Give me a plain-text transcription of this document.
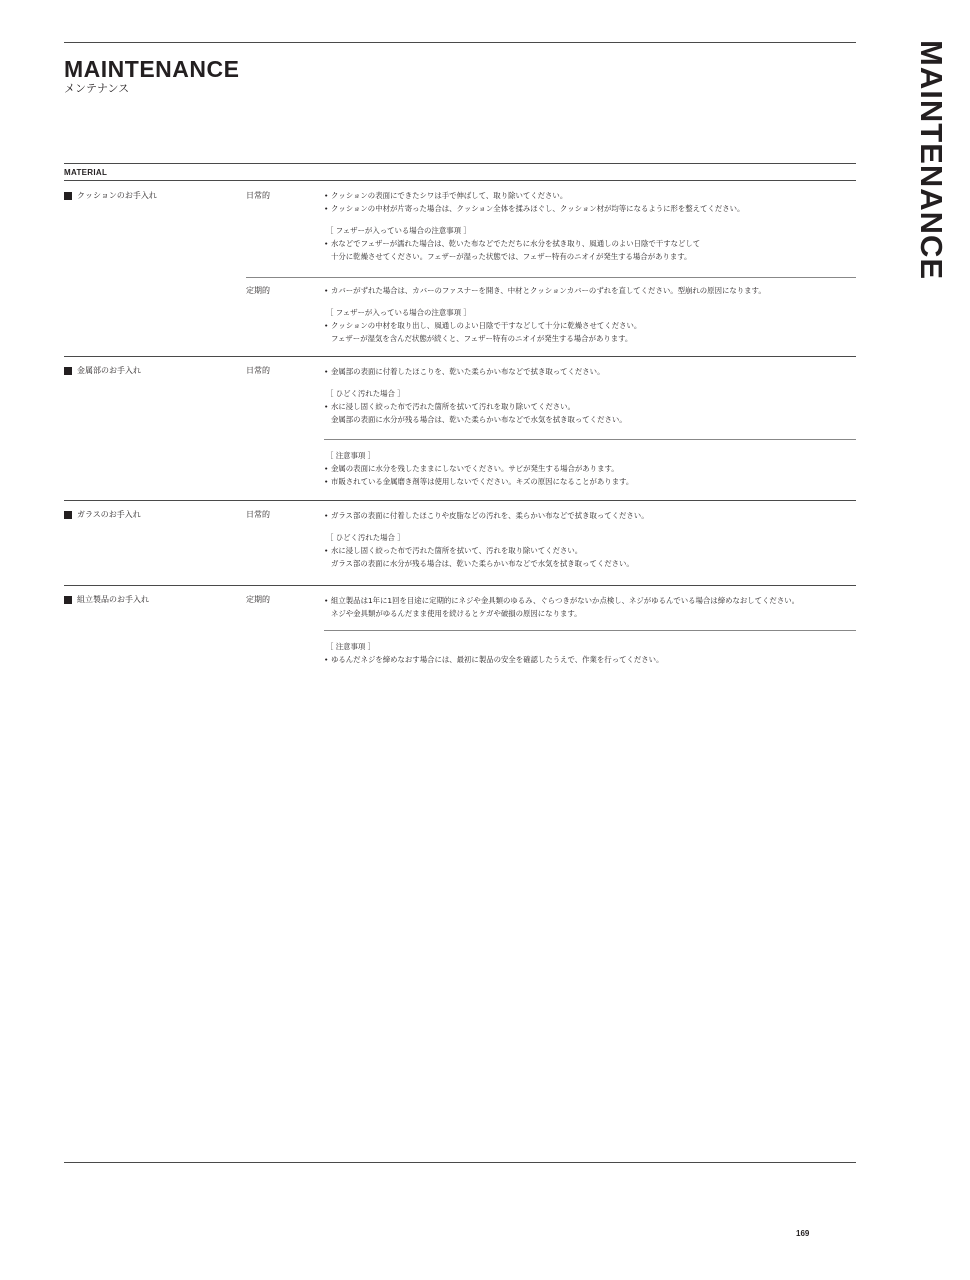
MAINTENANCE
メンテナンス	MAINTENANCE
MATERIAL
クッションのお手入れ	日常的	• クッションの表面にできたシワは手で伸ばして、取り除いてください。
• クッションの中材が片寄った場合は、クッション全体を揉みほぐし、クッション材が均等になるように形を整えてください。
［ フェザーが入っている場合の注意事項 ］
• 水などでフェザーが濡れた場合は、乾いた布などでただちに水分を拭き取り、風通しのよい日陰で干すなどして
十分に乾燥させてください。フェザーが湿った状態では、フェザー特有のニオイが発生する場合があります。
定期的	• カバーがずれた場合は、カバーのファスナーを開き、中材とクッションカバーのずれを直してください。型崩れの原因になります。
［ フェザーが入っている場合の注意事項 ］
• クッションの中材を取り出し、風通しのよい日陰で干すなどして十分に乾燥させてください。
フェザーが湿気を含んだ状態が続くと、フェザー特有のニオイが発生する場合があります。
金属部のお手入れ	日常的	• 金属部の表面に付着したほこりを、乾いた柔らかい布などで拭き取ってください。
［ ひどく汚れた場合 ］
• 水に浸し固く絞った布で汚れた箇所を拭いて汚れを取り除いてください。
金属部の表面に水分が残る場合は、乾いた柔らかい布などで水気を拭き取ってください。
［ 注意事項 ］
• 金属の表面に水分を残したままにしないでください。サビが発生する場合があります。
• 市販されている金属磨き剤等は使用しないでください。キズの原因になることがあります。
ガラスのお手入れ	日常的	• ガラス部の表面に付着したほこりや皮脂などの汚れを、柔らかい布などで拭き取ってください。
［ ひどく汚れた場合 ］
• 水に浸し固く絞った布で汚れた箇所を拭いて、汚れを取り除いてください。
ガラス部の表面に水分が残る場合は、乾いた柔らかい布などで水気を拭き取ってください。
組立製品のお手入れ	定期的	• 組立製品は1年に1回を目途に定期的にネジや金具類のゆるみ、ぐらつきがないか点検し、ネジがゆるんでいる場合は締めなおしてください。
ネジや金具類がゆるんだまま使用を続けるとケガや破損の原因になります。
［ 注意事項 ］
• ゆるんだネジを締めなおす場合には、最初に製品の安全を確認したうえで、作業を行ってください。
169
